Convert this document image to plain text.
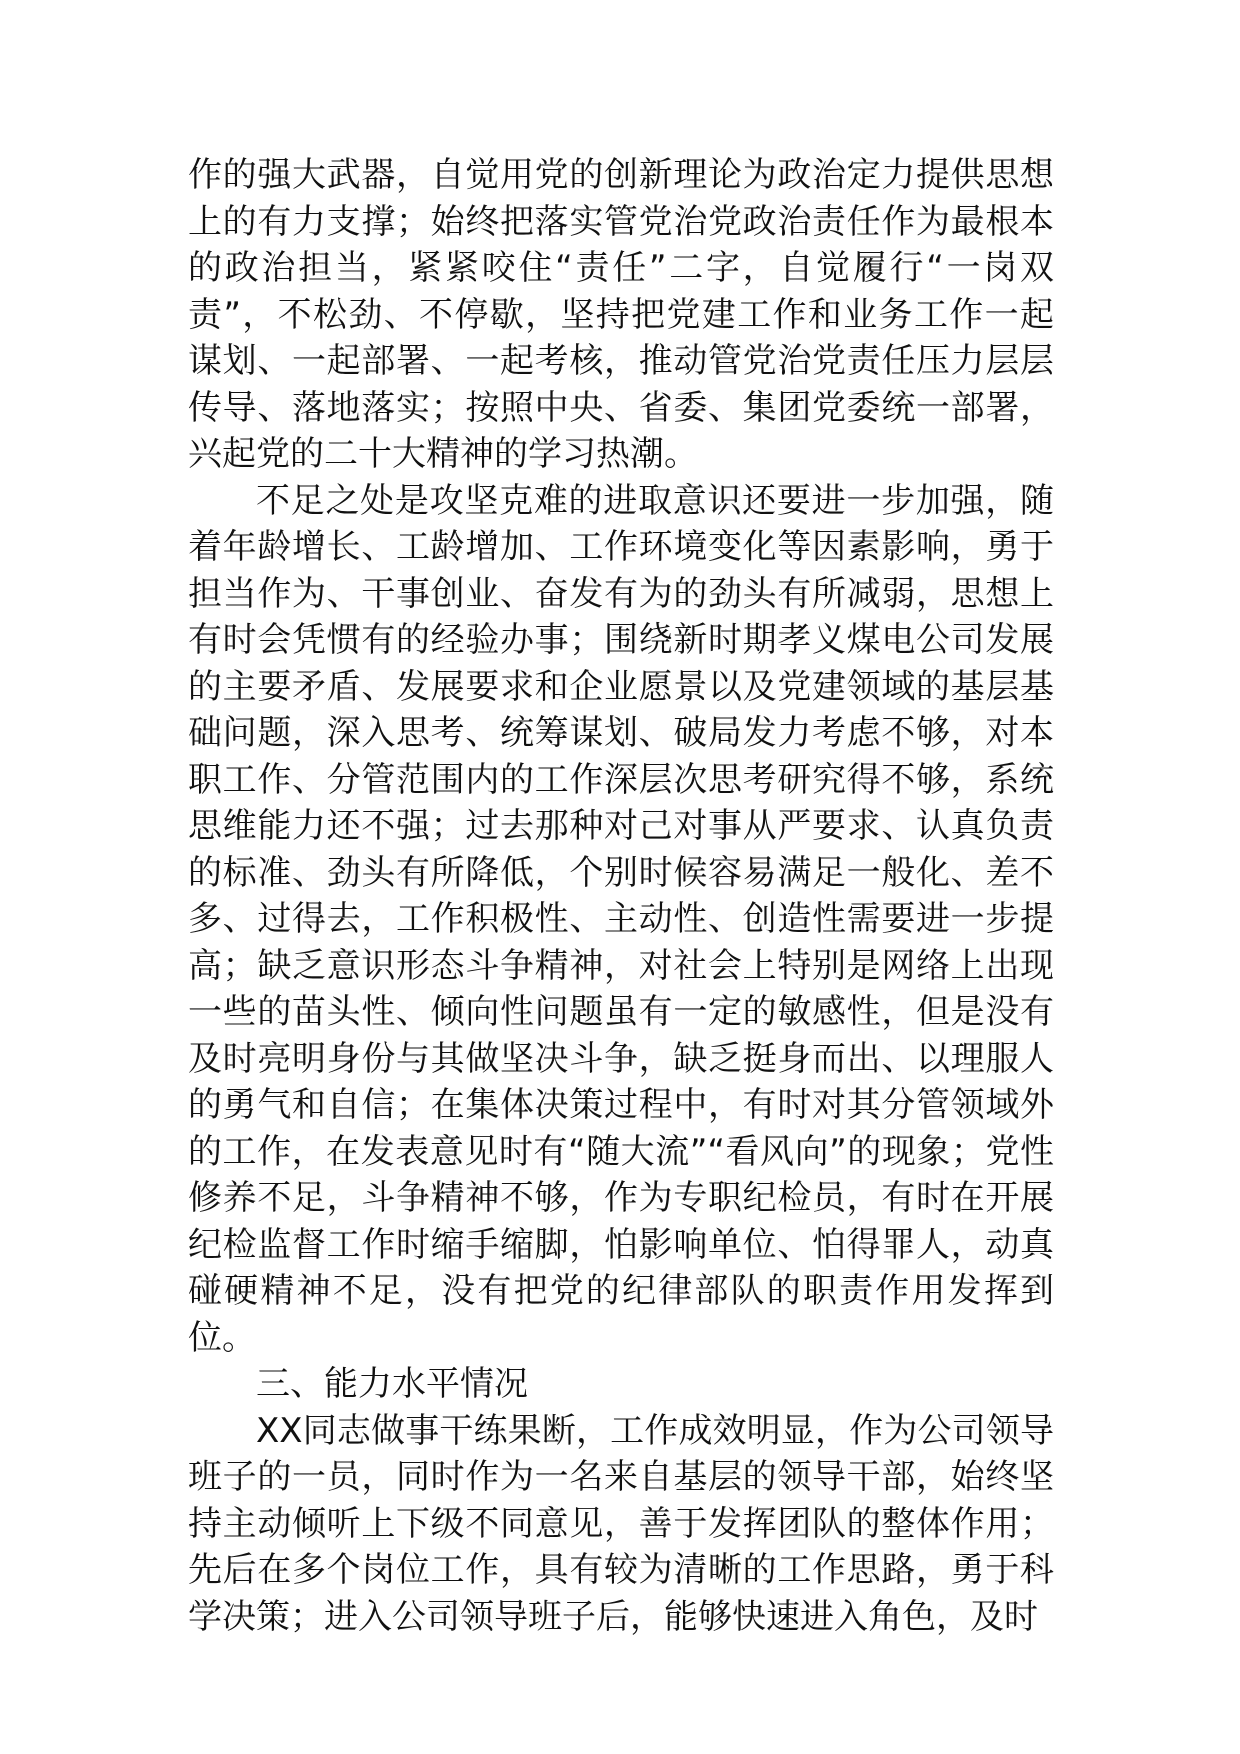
作的强大武器，自觉用党的创新理论为政治定力提供思想上的有力支撑；始终把落实管党治党政治责任作为最根本的政治担当，紧紧咬住“责任”二字，自觉履行“一岗双责”，不松劲、不停歇，坚持把党建工作和业务工作一起谋划、一起部署、一起考核，推动管党治党责任压力层层传导、落地落实；按照中央、省委、集团党委统一部署，兴起党的二十大精神的学习热潮。

不足之处是攻坚克难的进取意识还要进一步加强，随着年龄增长、工龄增加、工作环境变化等因素影响，勇于担当作为、干事创业、奋发有为的劲头有所减弱，思想上有时会凭惯有的经验办事；围绕新时期孝义煤电公司发展的主要矛盾、发展要求和企业愿景以及党建领域的基层基础问题，深入思考、统筹谋划、破局发力考虑不够，对本职工作、分管范围内的工作深层次思考研究得不够，系统思维能力还不强；过去那种对己对事从严要求、认真负责的标准、劲头有所降低，个别时候容易满足一般化、差不多、过得去，工作积极性、主动性、创造性需要进一步提高；缺乏意识形态斗争精神，对社会上特别是网络上出现一些的苗头性、倾向性问题虽有一定的敏感性，但是没有及时亮明身份与其做坚决斗争，缺乏挺身而出、以理服人的勇气和自信；在集体决策过程中，有时对其分管领域外的工作，在发表意见时有“随大流”“看风向”的现象；党性修养不足，斗争精神不够，作为专职纪检员，有时在开展纪检监督工作时缩手缩脚，怕影响单位、怕得罪人，动真碰硬精神不足，没有把党的纪律部队的职责作用发挥到位。

三、能力水平情况

XX同志做事干练果断，工作成效明显，作为公司领导班子的一员，同时作为一名来自基层的领导干部，始终坚持主动倾听上下级不同意见，善于发挥团队的整体作用；先后在多个岗位工作，具有较为清晰的工作思路，勇于科学决策；进入公司领导班子后，能够快速进入角色，及时
